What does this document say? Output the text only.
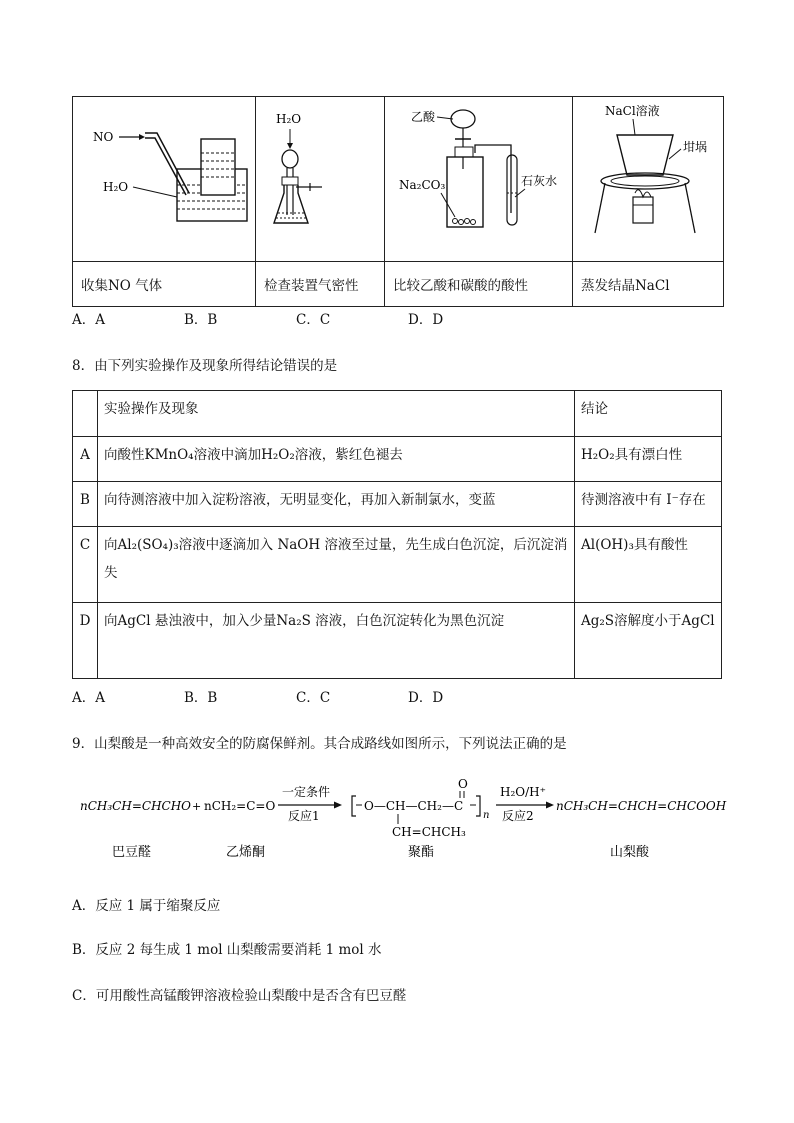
NO
H₂O	H₂O	乙酸
Na₂CO₃ 石灰水	NaCl溶液
坩埚

收集NO 气体	检查装置气密性	比较乙酸和碳酸的酸性	蒸发结晶NaCl
A．A	B．B	C．C	D．D
8．由下列实验操作及现象所得结论错误的是
	实验操作及现象	结论
A	向酸性KMnO₄溶液中滴加H₂O₂溶液，紫红色褪去	H₂O₂具有漂白性
B	向待测溶液中加入淀粉溶液，无明显变化，再加入新制氯水，变蓝	待测溶液中有 I⁻存在
C	向Al₂(SO₄)₃溶液中逐滴加入 NaOH 溶液至过量，先生成白色沉淀，后沉淀消失	Al(OH)₃具有酸性
D	向AgCl 悬浊液中，加入少量Na₂S 溶液，白色沉淀转化为黑色沉淀	Ag₂S溶解度小于AgCl
A．A	B．B	C．C	D．D
9．山梨酸是一种高效安全的防腐保鲜剂。其合成路线如图所示，下列说法正确的是
nCH₃CH=CHCHO + nCH₂=C=O
一定条件
反应1
O—CH—CH₂—C
O
n
CH=CHCH₃
H₂O/H⁺
反应2
nCH₃CH=CHCH=CHCOOH
巴豆醛	乙烯酮	聚酯	山梨酸
A．反应 1 属于缩聚反应
B．反应 2 每生成 1 mol 山梨酸需要消耗 1 mol 水
C．可用酸性高锰酸钾溶液检验山梨酸中是否含有巴豆醛
